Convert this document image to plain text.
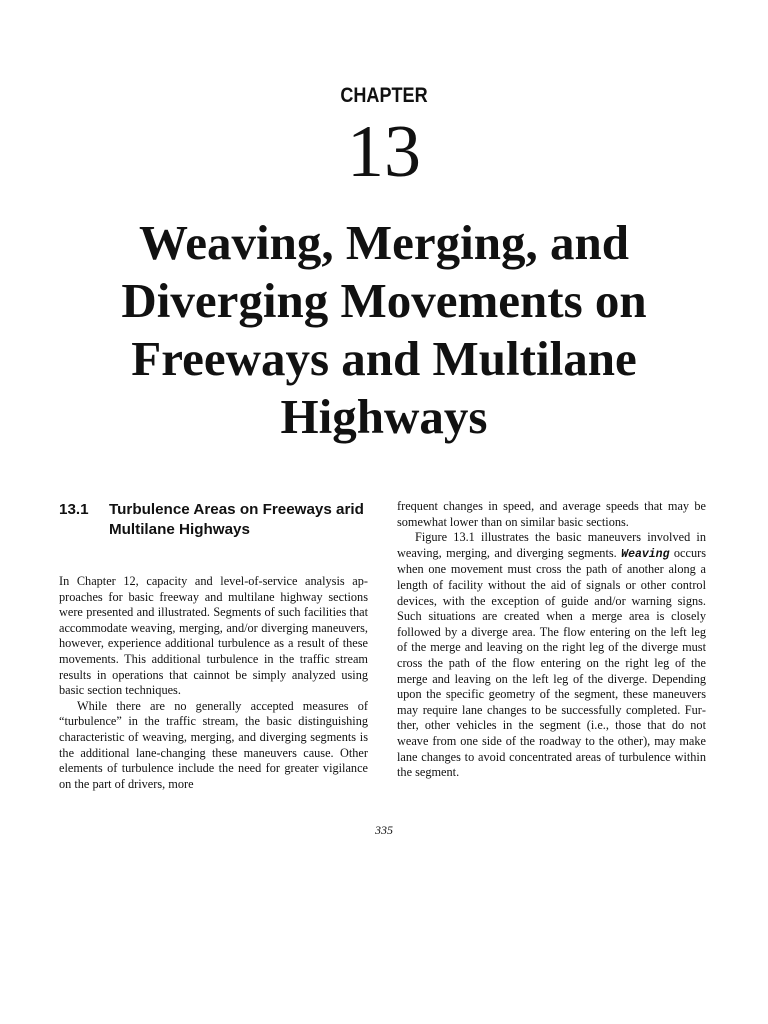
CHAPTER
13
Weaving, Merging, and Diverging Movements on Freeways and Multilane Highways
13.1	Turbulence Areas on Freeways arid Multilane Highways

In Chapter 12, capacity and level-of-service analysis approaches for basic freeway and multilane highway sections were presented and illustrated. Segments of such facilities that accommodate weaving, merging, and/or diverging maneuvers, however, experience additional turbulence as a result of these movements. This additional turbulence in the traffic stream results in operations that cainnot be simply analyzed using basic section techniques.

While there are no generally accepted measures of “turbulence” in the traffic stream, the basic distinguishing characteristic of weaving, merging, and diverging segments is the additional lane-changing these maneuvers cause. Other elements of turbulence include the need for greater vigilance on the part of drivers, more

frequent changes in speed, and average speeds that may be somewhat lower than on similar basic sections.

Figure 13.1 illustrates the basic maneuvers involved in weaving, merging, and diverging segments. Weaving occurs when one movement must cross the path of another along a length of facility without the aid of signals or other control devices, with the exception of guide and/or warning signs. Such situations are created when a merge area is closely followed by a diverge area. The flow entering on the left leg of the merge and leaving on the right leg of the diverge must cross the path of the flow entering on the right leg of the merge and leaving on the left leg of the diverge. Depending upon the specific geometry of the segment, these maneuvers may require lane changes to be successfully completed. Further, other vehicles in the segment (i.e., those that do not weave from one side of the roadway to the other), may make lane changes to avoid concentrated areas of turbulence within the segment.

335
